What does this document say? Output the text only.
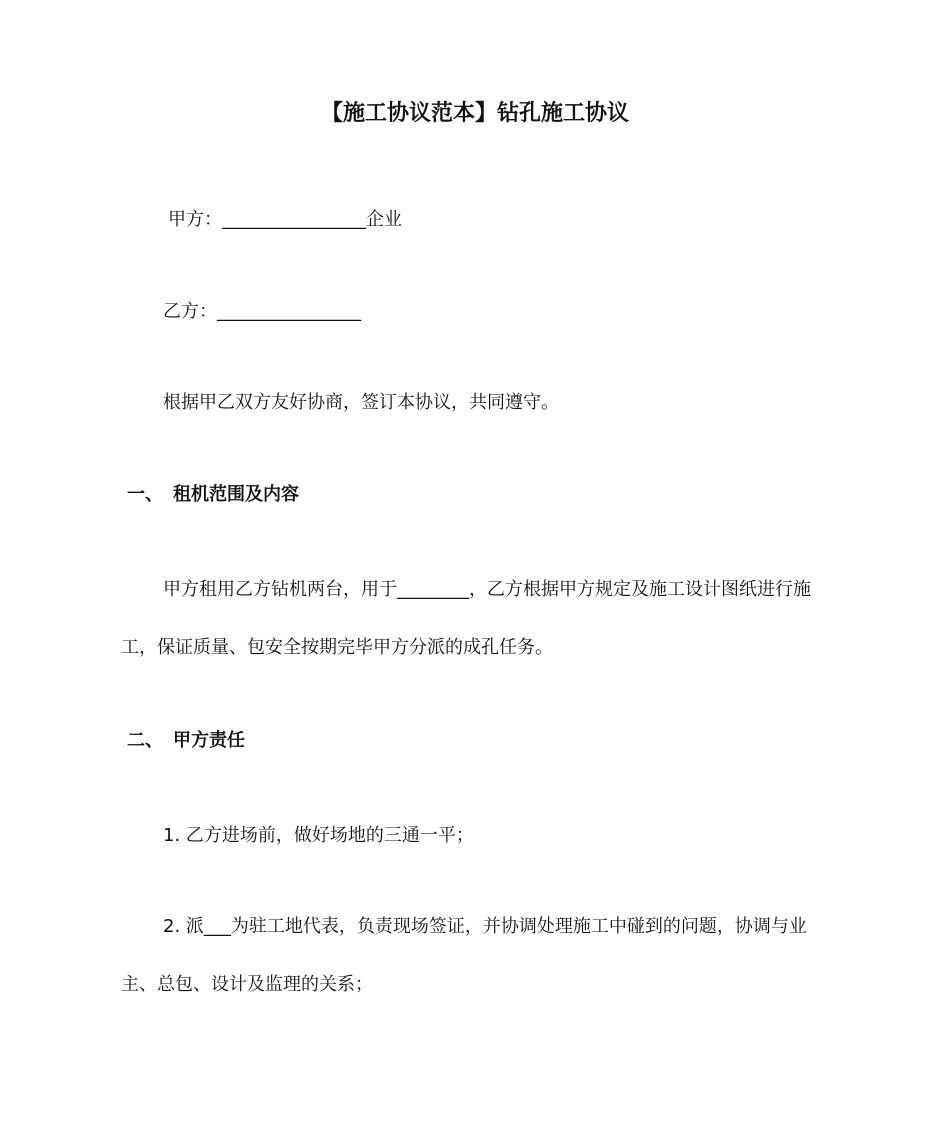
【施工协议范本】钻孔施工协议
甲方：________________企业
乙方：________________
根据甲乙双方友好协商，签订本协议，共同遵守。
一、 租机范围及内容
甲方租用乙方钻机两台，用于________，乙方根据甲方规定及施工设计图纸进行施
工，保证质量、包安全按期完毕甲方分派的成孔任务。
二、 甲方责任
1. 乙方进场前，做好场地的三通一平；
2. 派___为驻工地代表，负责现场签证，并协调处理施工中碰到的问题，协调与业
主、总包、设计及监理的关系；
